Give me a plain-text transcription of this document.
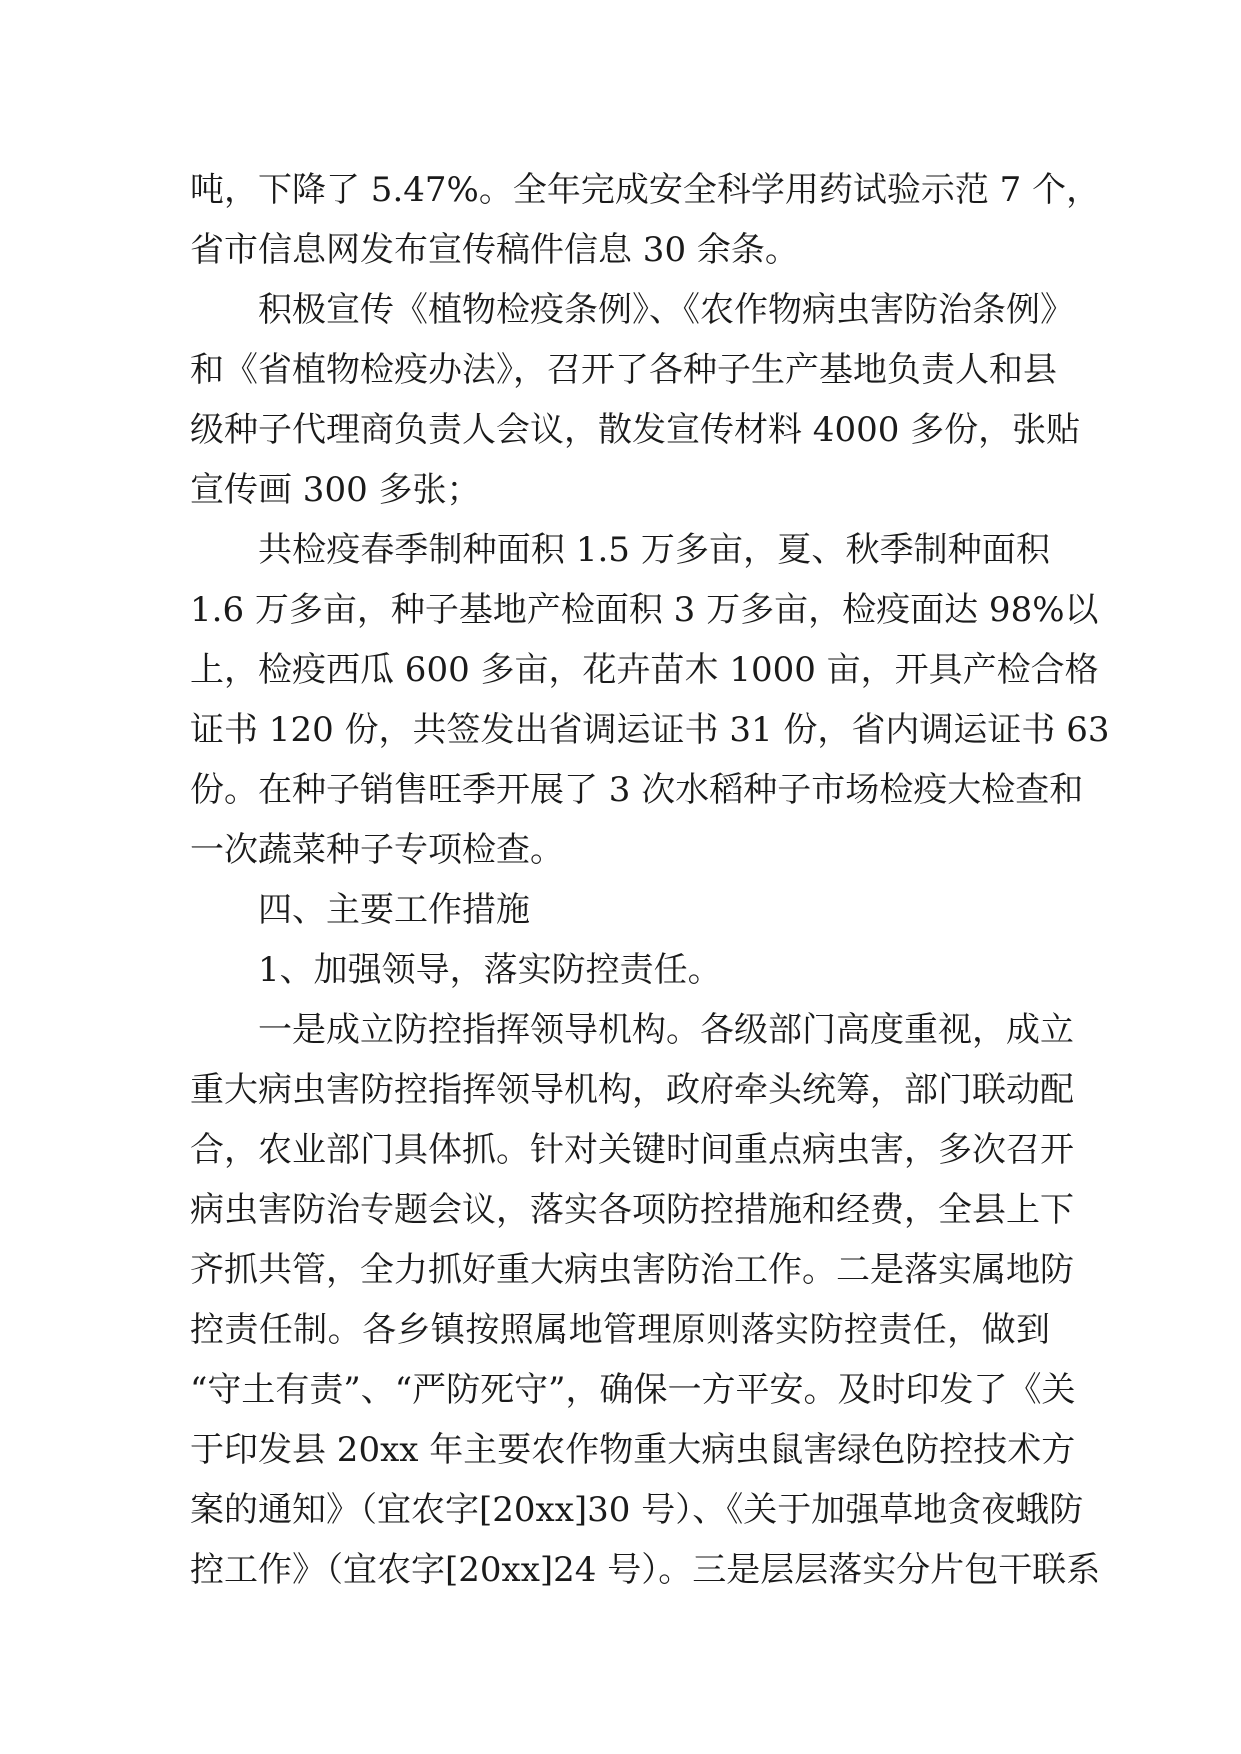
吨，下降了 5.47%。全年完成安全科学用药试验示范 7 个，
省市信息网发布宣传稿件信息 30 余条。
积极宣传《植物检疫条例》、《农作物病虫害防治条例》
和《省植物检疫办法》，召开了各种子生产基地负责人和县
级种子代理商负责人会议，散发宣传材料 4000 多份，张贴
宣传画 300 多张；
共检疫春季制种面积 1.5 万多亩，夏、秋季制种面积
1.6 万多亩，种子基地产检面积 3 万多亩，检疫面达 98%以
上，检疫西瓜 600 多亩，花卉苗木 1000 亩，开具产检合格
证书 120 份，共签发出省调运证书 31 份，省内调运证书 63
份。在种子销售旺季开展了 3 次水稻种子市场检疫大检查和
一次蔬菜种子专项检查。
四、主要工作措施
1、加强领导，落实防控责任。
一是成立防控指挥领导机构。各级部门高度重视，成立
重大病虫害防控指挥领导机构，政府牵头统筹，部门联动配
合，农业部门具体抓。针对关键时间重点病虫害，多次召开
病虫害防治专题会议，落实各项防控措施和经费，全县上下
齐抓共管，全力抓好重大病虫害防治工作。二是落实属地防
控责任制。各乡镇按照属地管理原则落实防控责任，做到
“守土有责”、“严防死守”，确保一方平安。及时印发了《关
于印发县 20xx 年主要农作物重大病虫鼠害绿色防控技术方
案的通知》（宜农字[20xx]30 号）、《关于加强草地贪夜蛾防
控工作》（宜农字[20xx]24 号）。三是层层落实分片包干联系
